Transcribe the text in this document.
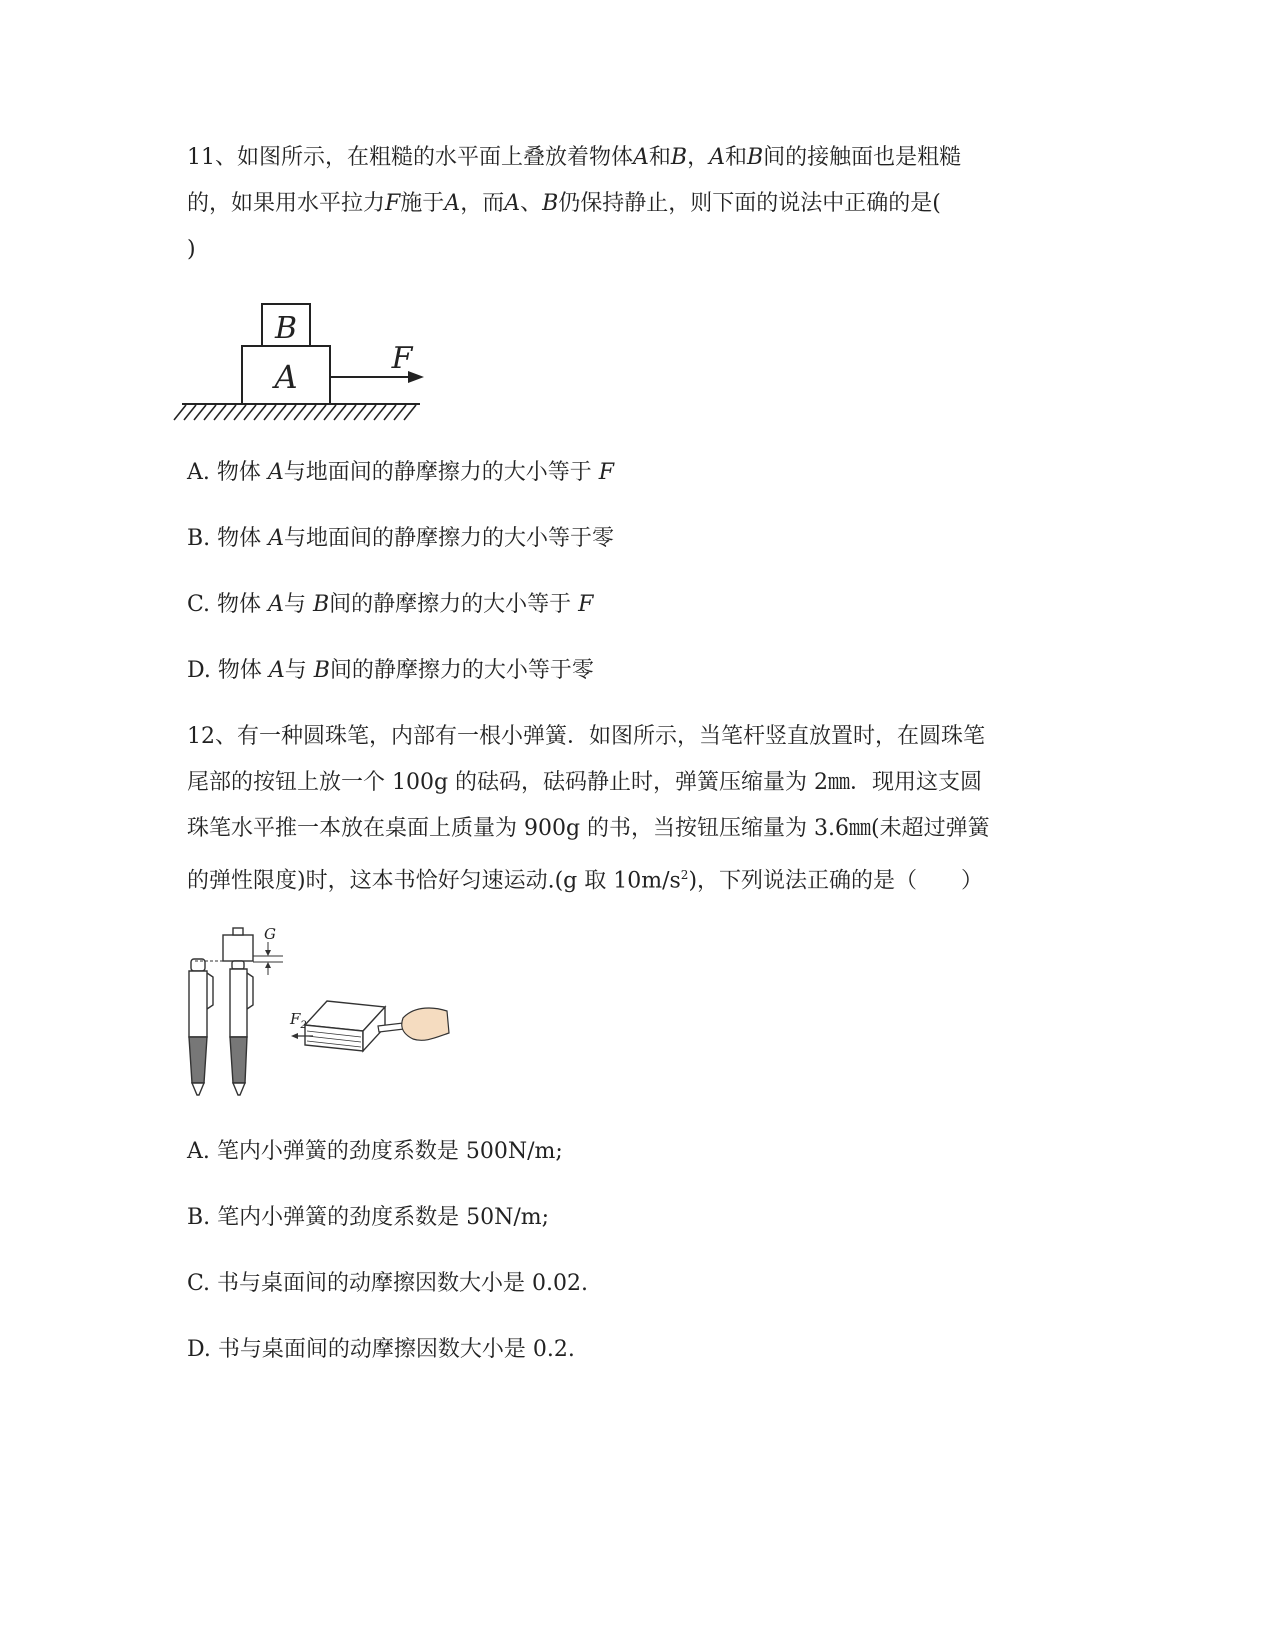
11、如图所示，在粗糙的水平面上叠放着物体A和B，A和B间的接触面也是粗糙
的，如果用水平拉力F施于A，而A、B仍保持静止，则下面的说法中正确的是(
)
B
A	F
A. 物体 A与地面间的静摩擦力的大小等于 F
B. 物体 A与地面间的静摩擦力的大小等于零
C. 物体 A与 B间的静摩擦力的大小等于 F
D. 物体 A与 B间的静摩擦力的大小等于零
12、有一种圆珠笔，内部有一根小弹簧．如图所示，当笔杆竖直放置时，在圆珠笔
尾部的按钮上放一个 100g 的砝码，砝码静止时，弹簧压缩量为 2㎜．现用这支圆
珠笔水平推一本放在桌面上质量为 900g 的书，当按钮压缩量为 3.6㎜(未超过弹簧
的弹性限度)时，这本书恰好匀速运动.(g 取 $10m/s^2$)，下列说法正确的是（　　）
G
$F_2$
A. 笔内小弹簧的劲度系数是 500N/m;
B. 笔内小弹簧的劲度系数是 50N/m;
C. 书与桌面间的动摩擦因数大小是 0.02.
D. 书与桌面间的动摩擦因数大小是 0.2.
